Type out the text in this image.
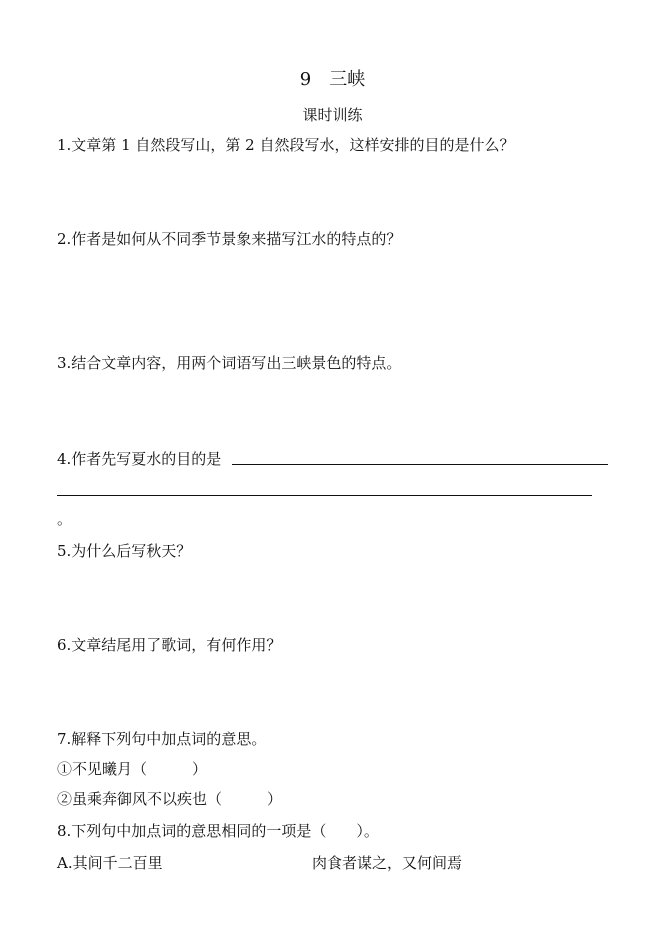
9　三峡
课时训练
1.文章第 1 自然段写山，第 2 自然段写水，这样安排的目的是什么？
2.作者是如何从不同季节景象来描写江水的特点的？
3.结合文章内容，用两个词语写出三峡景色的特点。
4.作者先写夏水的目的是
。
5.为什么后写秋天？
6.文章结尾用了歌词，有何作用？
7.解释下列句中加点词的意思。
①不见曦月（　　　）
②虽乘奔御风不以疾也（　　　）
8.下列句中加点词的意思相同的一项是（　　）。
A.其间千二百里	肉食者谋之，又何间焉
